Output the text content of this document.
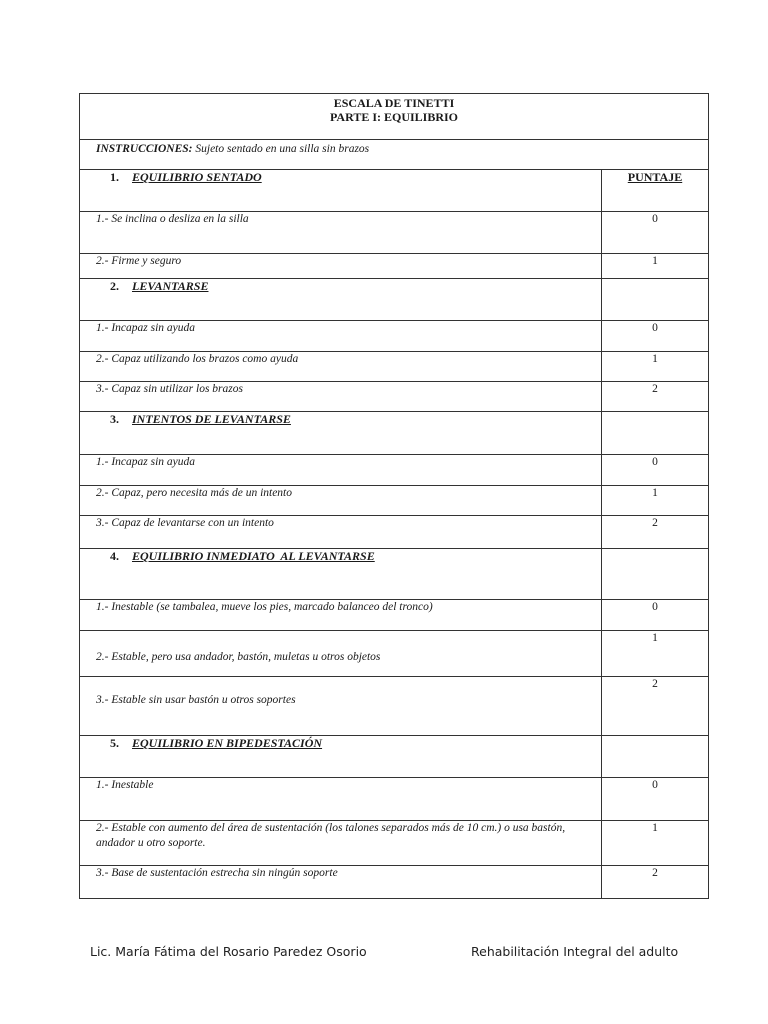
ESCALA DE TINETTI
PARTE I: EQUILIBRIO	

INSTRUCCIONES: Sujeto sentado en una silla sin brazos	
1. EQUILIBRIO SENTADO	PUNTAJE
1.- Se inclina o desliza en la silla	0
2.- Firme y seguro	1
2. LEVANTARSE	
1.- Incapaz sin ayuda	0
2.- Capaz utilizando los brazos como ayuda	1
3.- Capaz sin utilizar los brazos	2
3. INTENTOS DE LEVANTARSE	
1.- Incapaz sin ayuda	0
2.- Capaz, pero necesita más de un intento	1
3.- Capaz de levantarse con un intento	2
4. EQUILIBRIO INMEDIATO  AL LEVANTARSE	
1.- Inestable (se tambalea, mueve los pies, marcado balanceo del tronco)	0
2.- Estable, pero usa andador, bastón, muletas u otros objetos	1
3.- Estable sin usar bastón u otros soportes	2
5. EQUILIBRIO EN BIPEDESTACIÓN	
1.- Inestable	0
2.- Estable con aumento del área de sustentación (los talones separados más de 10 cm.) o usa bastón, andador u otro soporte.	1
3.- Base de sustentación estrecha sin ningún soporte	2
Lic. María Fátima del Rosario Paredez Osorio	Rehabilitación Integral del adulto
